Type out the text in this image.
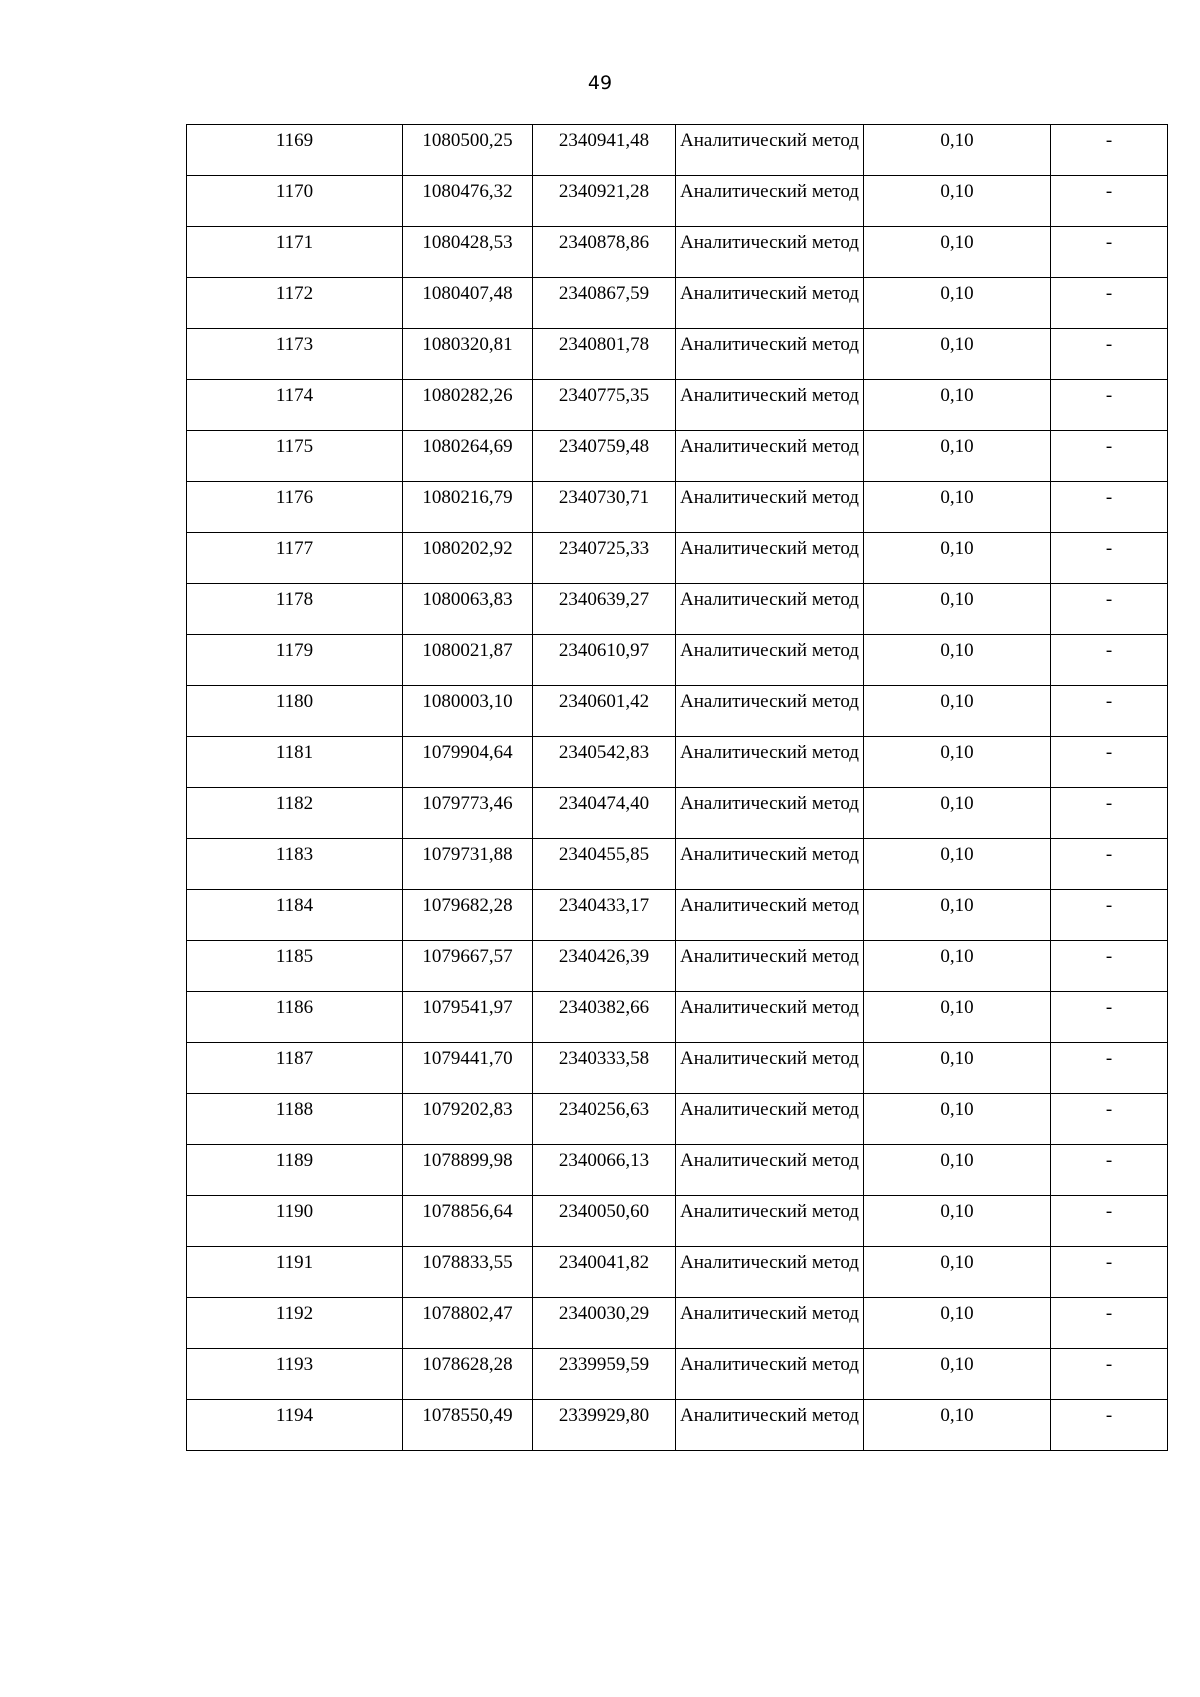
49
1169	1080500,25	2340941,48	Аналитический метод	0,10	-
1170	1080476,32	2340921,28	Аналитический метод	0,10	-
1171	1080428,53	2340878,86	Аналитический метод	0,10	-
1172	1080407,48	2340867,59	Аналитический метод	0,10	-
1173	1080320,81	2340801,78	Аналитический метод	0,10	-
1174	1080282,26	2340775,35	Аналитический метод	0,10	-
1175	1080264,69	2340759,48	Аналитический метод	0,10	-
1176	1080216,79	2340730,71	Аналитический метод	0,10	-
1177	1080202,92	2340725,33	Аналитический метод	0,10	-
1178	1080063,83	2340639,27	Аналитический метод	0,10	-
1179	1080021,87	2340610,97	Аналитический метод	0,10	-
1180	1080003,10	2340601,42	Аналитический метод	0,10	-
1181	1079904,64	2340542,83	Аналитический метод	0,10	-
1182	1079773,46	2340474,40	Аналитический метод	0,10	-
1183	1079731,88	2340455,85	Аналитический метод	0,10	-
1184	1079682,28	2340433,17	Аналитический метод	0,10	-
1185	1079667,57	2340426,39	Аналитический метод	0,10	-
1186	1079541,97	2340382,66	Аналитический метод	0,10	-
1187	1079441,70	2340333,58	Аналитический метод	0,10	-
1188	1079202,83	2340256,63	Аналитический метод	0,10	-
1189	1078899,98	2340066,13	Аналитический метод	0,10	-
1190	1078856,64	2340050,60	Аналитический метод	0,10	-
1191	1078833,55	2340041,82	Аналитический метод	0,10	-
1192	1078802,47	2340030,29	Аналитический метод	0,10	-
1193	1078628,28	2339959,59	Аналитический метод	0,10	-
1194	1078550,49	2339929,80	Аналитический метод	0,10	-
